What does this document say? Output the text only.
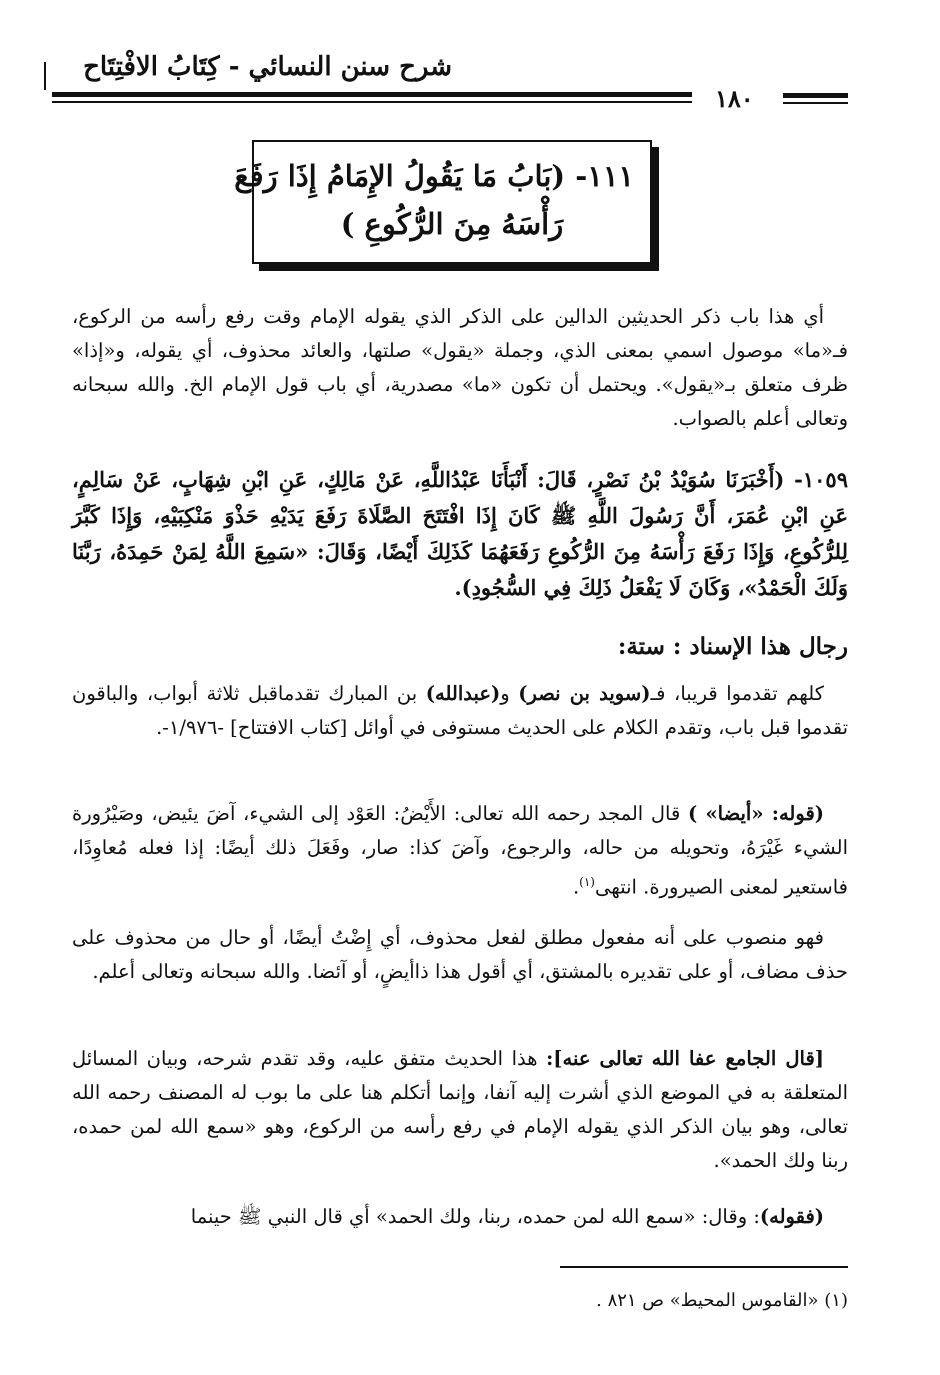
شرح سنن النسائي - كِتَابُ الافْتِتَاح
١٨٠
١١١- (بَابُ مَا يَقُولُ الإِمَامُ إِذَا رَفَعَ
رَأْسَهُ مِنَ الرُّكُوعِ )

أي هذا باب ذكر الحديثين الدالين على الذكر الذي يقوله الإمام وقت رفع رأسه من الركوع، فـ«ما» موصول اسمي بمعنى الذي، وجملة «يقول» صلتها، والعائد محذوف، أي يقوله، و«إذا» ظرف متعلق بـ«يقول». ويحتمل أن تكون «ما» مصدرية، أي باب قول الإمام الخ. والله سبحانه وتعالى أعلم بالصواب.

١٠٥٩- (أَخْبَرَنَا سُوَيْدُ بْنُ نَصْرٍ، قَالَ: أَنْبَأَنَا عَبْدُاللَّهِ، عَنْ مَالِكٍ، عَنِ ابْنِ شِهَابٍ، عَنْ سَالِمٍ، عَنِ ابْنِ عُمَرَ، أَنَّ رَسُولَ اللَّهِ ﷺ كَانَ إِذَا افْتَتَحَ الصَّلَاةَ رَفَعَ يَدَيْهِ حَذْوَ مَنْكِبَيْهِ، وَإِذَا كَبَّرَ لِلرُّكُوعِ، وَإِذَا رَفَعَ رَأْسَهُ مِنَ الرُّكُوعِ رَفَعَهُمَا كَذَلِكَ أَيْضًا، وَقَالَ: «سَمِعَ اللَّهُ لِمَنْ حَمِدَهُ، رَبَّنَا وَلَكَ الْحَمْدُ»، وَكَانَ لَا يَفْعَلُ ذَلِكَ فِي السُّجُودِ).
رجال هذا الإسناد : ستة:

كلهم تقدموا قريبا، فـ(سويد بن نصر) و(عبدالله) بن المبارك تقدماقبل ثلاثة أبواب، والباقون تقدموا قبل باب، وتقدم الكلام على الحديث مستوفى في أوائل [كتاب الافتتاح] -١/٩٧٦-.

(قوله: «أيضا» ) قال المجد رحمه الله تعالى: الأَيْضُ: العَوْد إلى الشيء، آضَ يئيض، وصَيْرُورة الشيء غَيْرَهُ، وتحويله من حاله، والرجوع، وآضَ كذا: صار، وفَعَلَ ذلك أيضًا: إذا فعله مُعاوِدًا، فاستعير لمعنى الصيرورة. انتهى$^{(١)}$.

فهو منصوب على أنه مفعول مطلق لفعل محذوف، أي إِضْتُ أيضًا، أو حال من محذوف على حذف مضاف، أو على تقديره بالمشتق، أي أقول هذا ذاأيضٍ، أو آئضا. والله سبحانه وتعالى أعلم.

[قال الجامع عفا الله تعالى عنه]: هذا الحديث متفق عليه، وقد تقدم شرحه، وبيان المسائل المتعلقة به في الموضع الذي أشرت إليه آنفا، وإنما أتكلم هنا على ما بوب له المصنف رحمه الله تعالى، وهو بيان الذكر الذي يقوله الإمام في رفع رأسه من الركوع، وهو «سمع الله لمن حمده، ربنا ولك الحمد».

(فقوله): وقال: «سمع الله لمن حمده، ربنا، ولك الحمد» أي قال النبي ﷺ حينما

(١) «القاموس المحيط» ص ٨٢١ .
